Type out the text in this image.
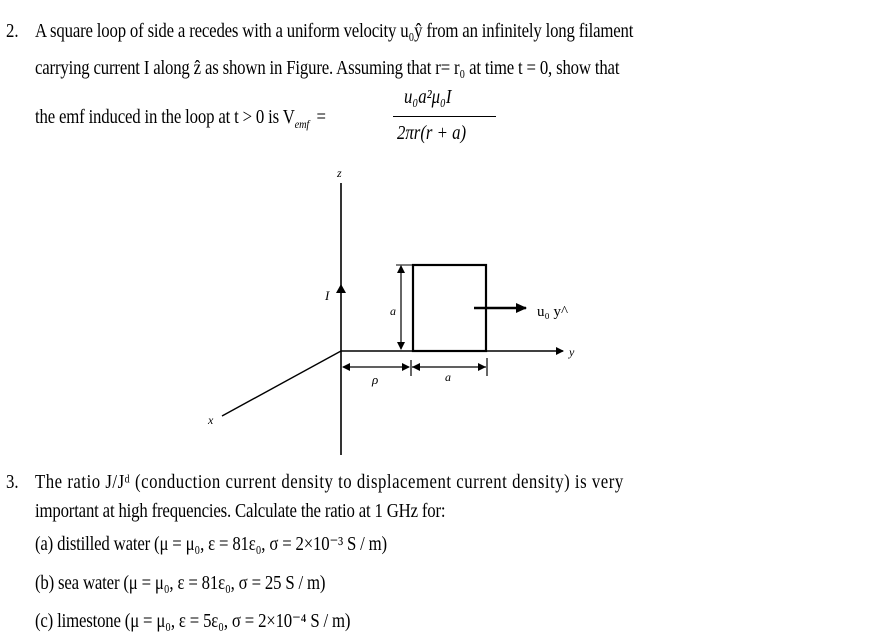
2. A square loop of side a recedes with a uniform velocity u₀ŷ from an infinitely long filament
carrying current I along ẑ as shown in Figure. Assuming that r= r₀ at time t = 0, show that
the emf induced in the loop at t > 0 is $V_{emf}$ =
u₀a²μ₀I
2πr(r + a)
z
I
x
y
a
ρ	a
u₀ y^
3. The ratio J/Jᵈ (conduction current density to displacement current density) is very
important at high frequencies. Calculate the ratio at 1 GHz for:
(a) distilled water (μ = μ₀, ε = 81ε₀, σ = 2×10⁻³ S / m)
(b) sea water (μ = μ₀, ε = 81ε₀, σ = 25 S / m)
(c) limestone (μ = μ₀, ε = 5ε₀, σ = 2×10⁻⁴ S / m)
